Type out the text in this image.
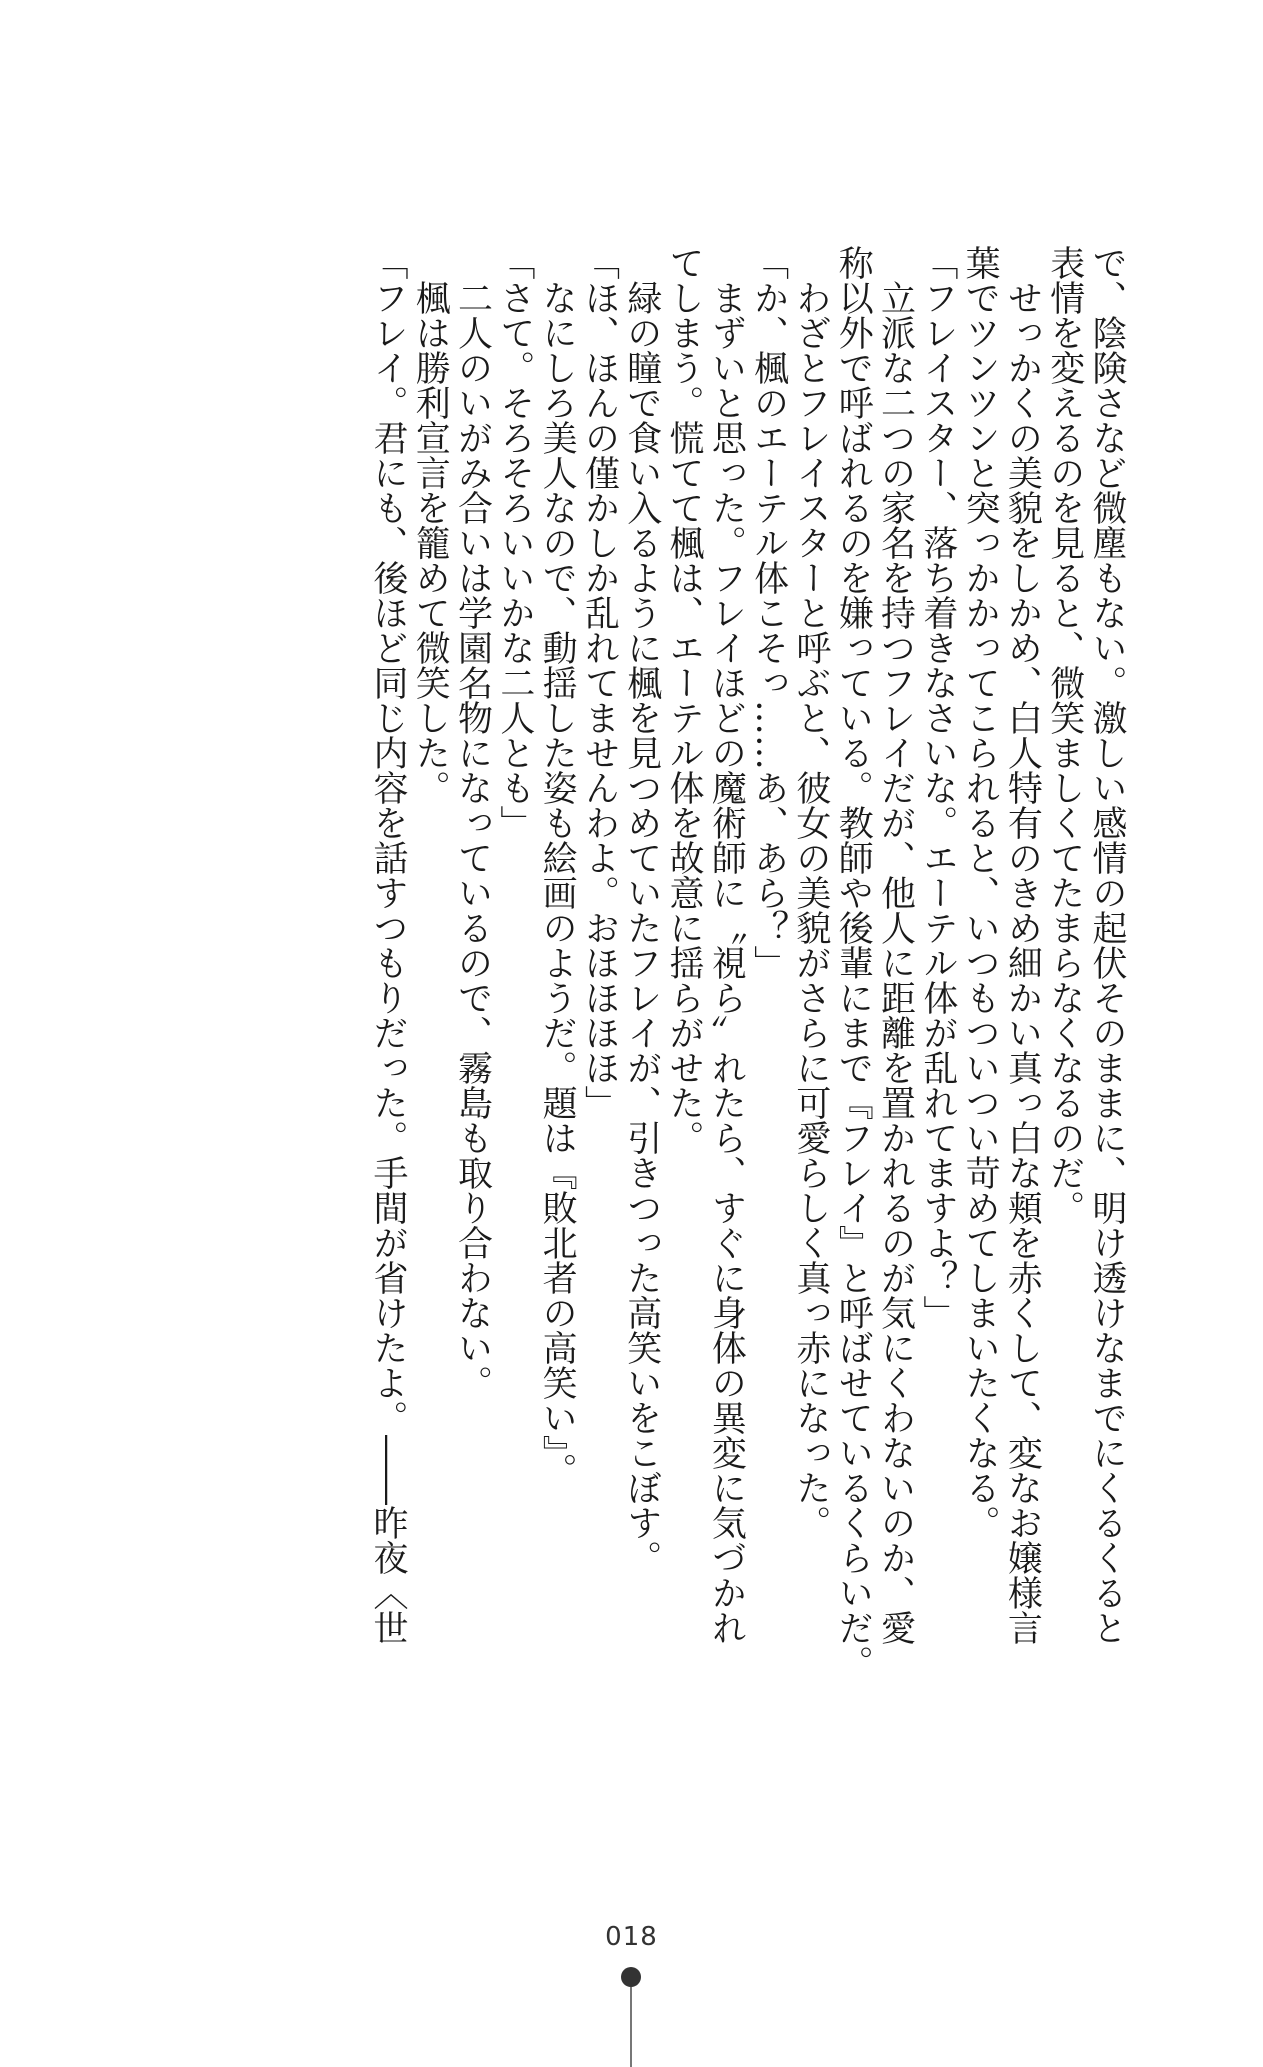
で、陰険さなど微塵もない。激しい感情の起伏そのままに、明け透けなまでにくるくると

表情を変えるのを見ると、微笑ましくてたまらなくなるのだ。

　せっかくの美貌をしかめ、白人特有のきめ細かい真っ白な頬を赤くして、変なお嬢様言

葉でツンツンと突っかかってこられると、いつもついつい苛めてしまいたくなる。

「フレイスター、落ち着きなさいな。エーテル体が乱れてますよ？」

　立派な二つの家名を持つフレイだが、他人に距離を置かれるのが気にくわないのか、愛

称以外で呼ばれるのを嫌っている。教師や後輩にまで『フレイ』と呼ばせているくらいだ。

　わざとフレイスターと呼ぶと、彼女の美貌がさらに可愛らしく真っ赤になった。

「か、楓のエーテル体こそっ……あ、あら？」

　まずいと思った。フレイほどの魔術師に〝視ら〟れたら、すぐに身体の異変に気づかれ

てしまう。慌てて楓は、エーテル体を故意に揺らがせた。

　緑の瞳で食い入るように楓を見つめていたフレイが、引きつった高笑いをこぼす。

「ほ、ほんの僅かしか乱れてませんわよ。おほほほほ」

　なにしろ美人なので、動揺した姿も絵画のようだ。題は『敗北者の高笑い』。

「さて。そろそろいいかな二人とも」

　二人のいがみ合いは学園名物になっているので、霧島も取り合わない。

　楓は勝利宣言を籠めて微笑した。

「フレイ。君にも、後ほど同じ内容を話すつもりだった。手間が省けたよ。――昨夜〈世

018
